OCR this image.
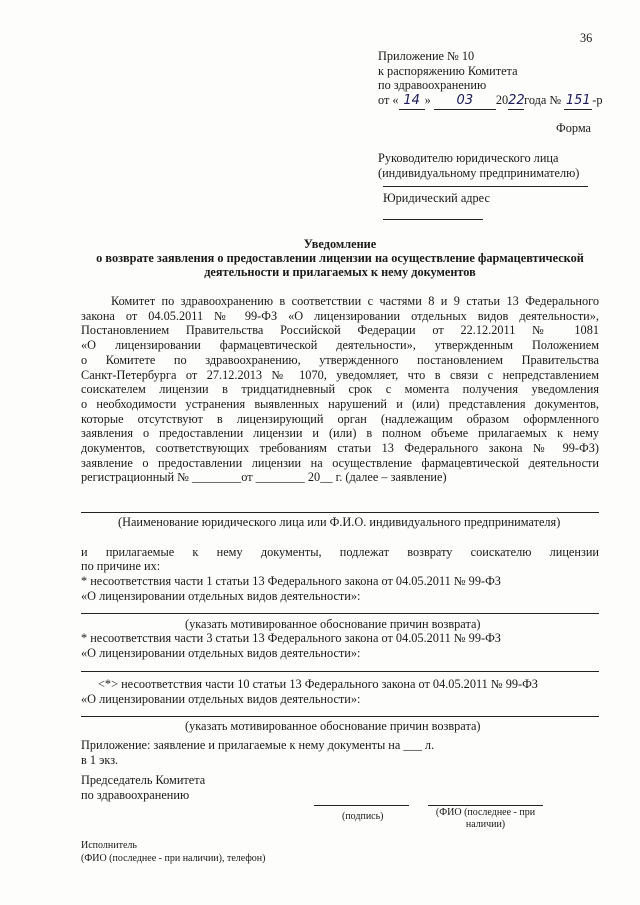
36
Приложение № 10
к распоряжению Комитета
по здравоохранению
от « 14 » 03 2022года № 151 -р
Форма
Руководителю юридического лица
(индивидуальному предпринимателю)
Юридический адрес
Уведомление
о возврате заявления о предоставлении лицензии на осуществление фармацевтической
деятельности и прилагаемых к нему документов
Комитет по здравоохранению в соответствии с частями 8 и 9 статьи 13 Федерального
закона от 04.05.2011 № 99-ФЗ «О лицензировании отдельных видов деятельности»,
Постановлением Правительства Российской Федерации от 22.12.2011 № 1081
«О лицензировании фармацевтической деятельности», утвержденным Положением
о Комитете по здравоохранению, утвержденного постановлением Правительства
Санкт-Петербурга от 27.12.2013 № 1070, уведомляет, что в связи с непредставлением
соискателем лицензии в тридцатидневный срок с момента получения уведомления
о необходимости устранения выявленных нарушений и (или) представления документов,
которые отсутствуют в лицензирующий орган (надлежащим образом оформленного
заявления о предоставлении лицензии и (или) в полном объеме прилагаемых к нему
документов, соответствующих требованиям статьи 13 Федерального закона № 99-ФЗ)
заявление о предоставлении лицензии на осуществление фармацевтической деятельности
регистрационный № ________от ________ 20__ г. (далее – заявление)
(Наименование юридического лица или Ф.И.О. индивидуального предпринимателя)
и прилагаемые к нему документы, подлежат возврату соискателю лицензии
по причине их:
* несоответствия части 1 статьи 13 Федерального закона от 04.05.2011 № 99-ФЗ
«О лицензировании отдельных видов деятельности»:
(указать мотивированное обоснование причин возврата)
* несоответствия части 3 статьи 13 Федерального закона от 04.05.2011 № 99-ФЗ
«О лицензировании отдельных видов деятельности»:
<*> несоответствия части 10 статьи 13 Федерального закона от 04.05.2011 № 99-ФЗ
«О лицензировании отдельных видов деятельности»:
(указать мотивированное обоснование причин возврата)
Приложение: заявление и прилагаемые к нему документы на ___ л.
в 1 экз.
Председатель Комитета
по здравоохранению
(подпись)	(ФИО (последнее - при
наличии)
Исполнитель
(ФИО (последнее - при наличии), телефон)
